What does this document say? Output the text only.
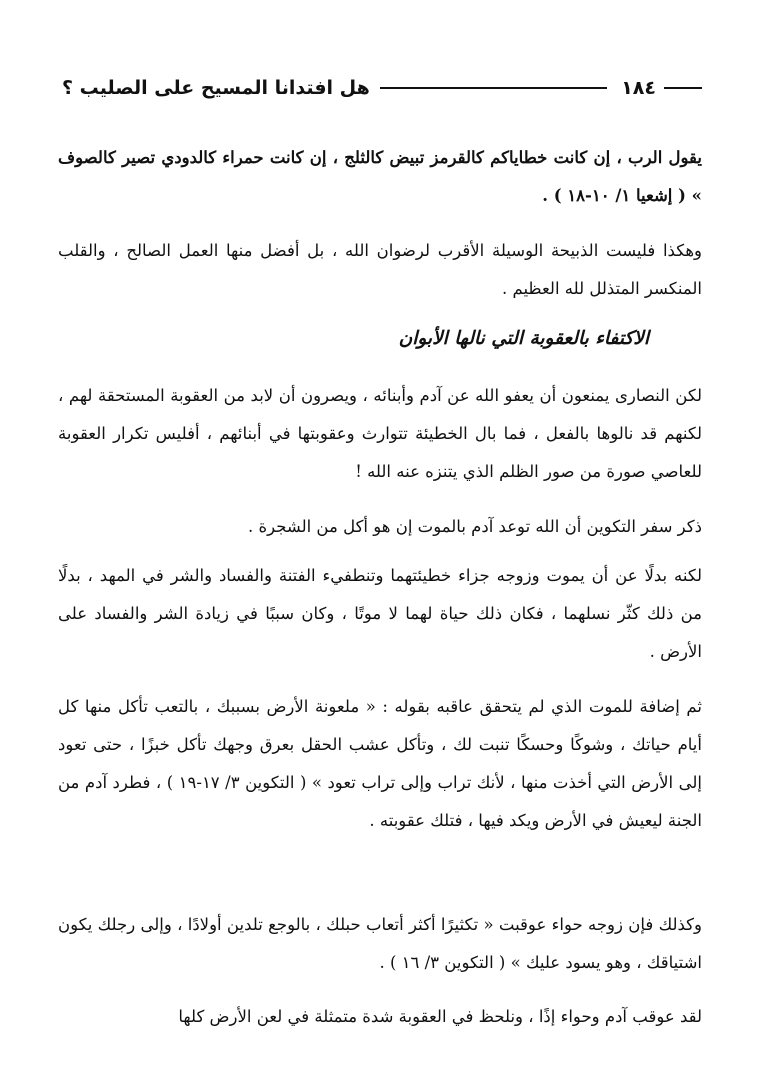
١٨٤
هل افتدانا المسيح على الصليب ؟

يقول الرب ، إن كانت خطاياكم كالقرمز تبيض كالثلج ، إن كانت حمراء كالدودي تصير كالصوف » ( إشعيا ١/ ١٠-١٨ ) .

وهكذا فليست الذبيحة الوسيلة الأقرب لرضوان الله ، بل أفضل منها العمل الصالح ، والقلب المنكسر المتذلل لله العظيم .

الاكتفاء بالعقوبة التي نالها الأبوان

لكن النصارى يمنعون أن يعفو الله عن آدم وأبنائه ، ويصرون أن لابد من العقوبة المستحقة لهم ، لكنهم قد نالوها بالفعل ، فما بال الخطيئة تتوارث وعقوبتها في أبنائهم ، أفليس تكرار العقوبة للعاصي صورة من صور الظلم الذي يتنزه عنه الله !

ذكر سفر التكوين أن الله توعد آدم بالموت إن هو أكل من الشجرة .

لكنه بدلًا عن أن يموت وزوجه جزاء خطيئتهما وتنطفيء الفتنة والفساد والشر في المهد ، بدلًا من ذلك كثّر نسلهما ، فكان ذلك حياة لهما لا موتًا ، وكان سببًا في زيادة الشر والفساد على الأرض .

ثم إضافة للموت الذي لم يتحقق عاقبه بقوله : « ملعونة الأرض بسببك ، بالتعب تأكل منها كل أيام حياتك ، وشوكًا وحسكًا تنبت لك ، وتأكل عشب الحقل بعرق وجهك تأكل خبزًا ، حتى تعود إلى الأرض التي أخذت منها ، لأنك تراب وإلى تراب تعود » ( التكوين ٣/ ١٧-١٩ ) ، فطرد آدم من الجنة ليعيش في الأرض ويكد فيها ، فتلك عقوبته .

وكذلك فإن زوجه حواء عوقبت « تكثيرًا أكثر أتعاب حبلك ، بالوجع تلدين أولادًا ، وإلى رجلك يكون اشتياقك ، وهو يسود عليك » ( التكوين ٣/ ١٦ ) .

لقد عوقب آدم وحواء إذًا ، ونلحظ في العقوبة شدة متمثلة في لعن الأرض كلها
